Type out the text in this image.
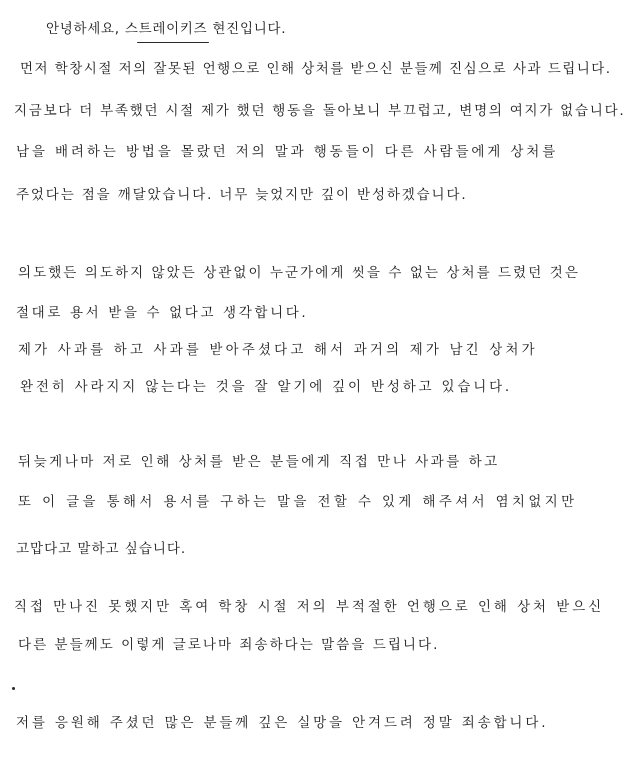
안녕하세요, 스트레이키즈 현진입니다.
먼저 학창시절 저의 잘못된 언행으로 인해 상처를 받으신 분들께 진심으로 사과 드립니다.
지금보다 더 부족했던 시절 제가 했던 행동을 돌아보니 부끄럽고, 변명의 여지가 없습니다.
남을 배려하는 방법을 몰랐던 저의 말과 행동들이 다른 사람들에게 상처를
주었다는 점을 깨달았습니다. 너무 늦었지만 깊이 반성하겠습니다.
의도했든 의도하지 않았든 상관없이 누군가에게 씻을 수 없는 상처를 드렸던 것은
절대로 용서 받을 수 없다고 생각합니다.
제가 사과를 하고 사과를 받아주셨다고 해서 과거의 제가 남긴 상처가
완전히 사라지지 않는다는 것을 잘 알기에 깊이 반성하고 있습니다.
뒤늦게나마 저로 인해 상처를 받은 분들에게 직접 만나 사과를 하고
또 이 글을 통해서 용서를 구하는 말을 전할 수 있게 해주셔서 염치없지만
고맙다고 말하고 싶습니다.
직접 만나진 못했지만 혹여 학창 시절 저의 부적절한 언행으로 인해 상처 받으신
다른 분들께도 이렇게 글로나마 죄송하다는 말씀을 드립니다.
저를 응원해 주셨던 많은 분들께 깊은 실망을 안겨드려 정말 죄송합니다.
